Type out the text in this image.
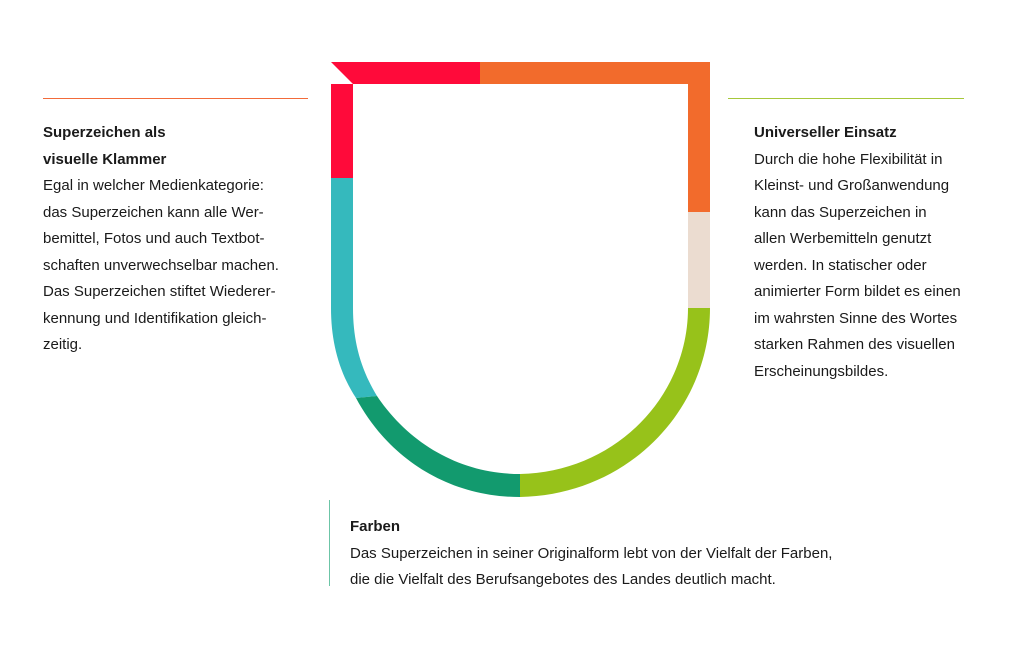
Superzeichen als
visuelle Klammer
Egal in welcher Medienkategorie:
das Superzeichen kann alle Wer-
bemittel, Fotos und auch Textbot-
schaften unverwechselbar machen.
Das Superzeichen stiftet Wiederer-
kennung und Identifikation gleich-
zeitig.
Universeller Einsatz
Durch die hohe Flexibilität in
Kleinst- und Großanwendung
kann das Superzeichen in
allen Werbemitteln genutzt
werden. In statischer oder
animierter Form bildet es einen
im wahrsten Sinne des Wortes
starken Rahmen des visuellen
Erscheinungsbildes.
Farben
Das Superzeichen in seiner Originalform lebt von der Vielfalt der Farben,
die die Vielfalt des Berufsangebotes des Landes deutlich macht.
